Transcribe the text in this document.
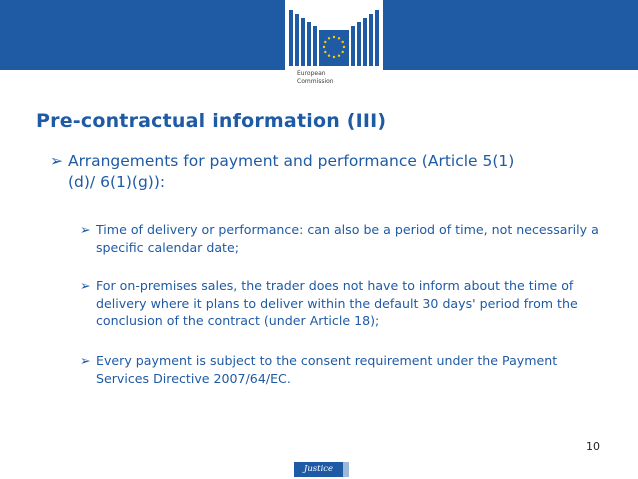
European
Commission
Pre-contractual information (III)
➢ Arrangements for payment and performance (Article 5(1)
(d)/ 6(1)(g)):
➢ Time of delivery or performance: can also be a period of time, not necessarily a specific calendar date;
➢ For on-premises sales, the trader does not have to inform about the time of delivery where it plans to deliver within the default 30 days' period from the conclusion of the contract (under Article 18);
➢ Every payment is subject to the consent requirement under the Payment Services Directive 2007/64/EC.
10
Justice
